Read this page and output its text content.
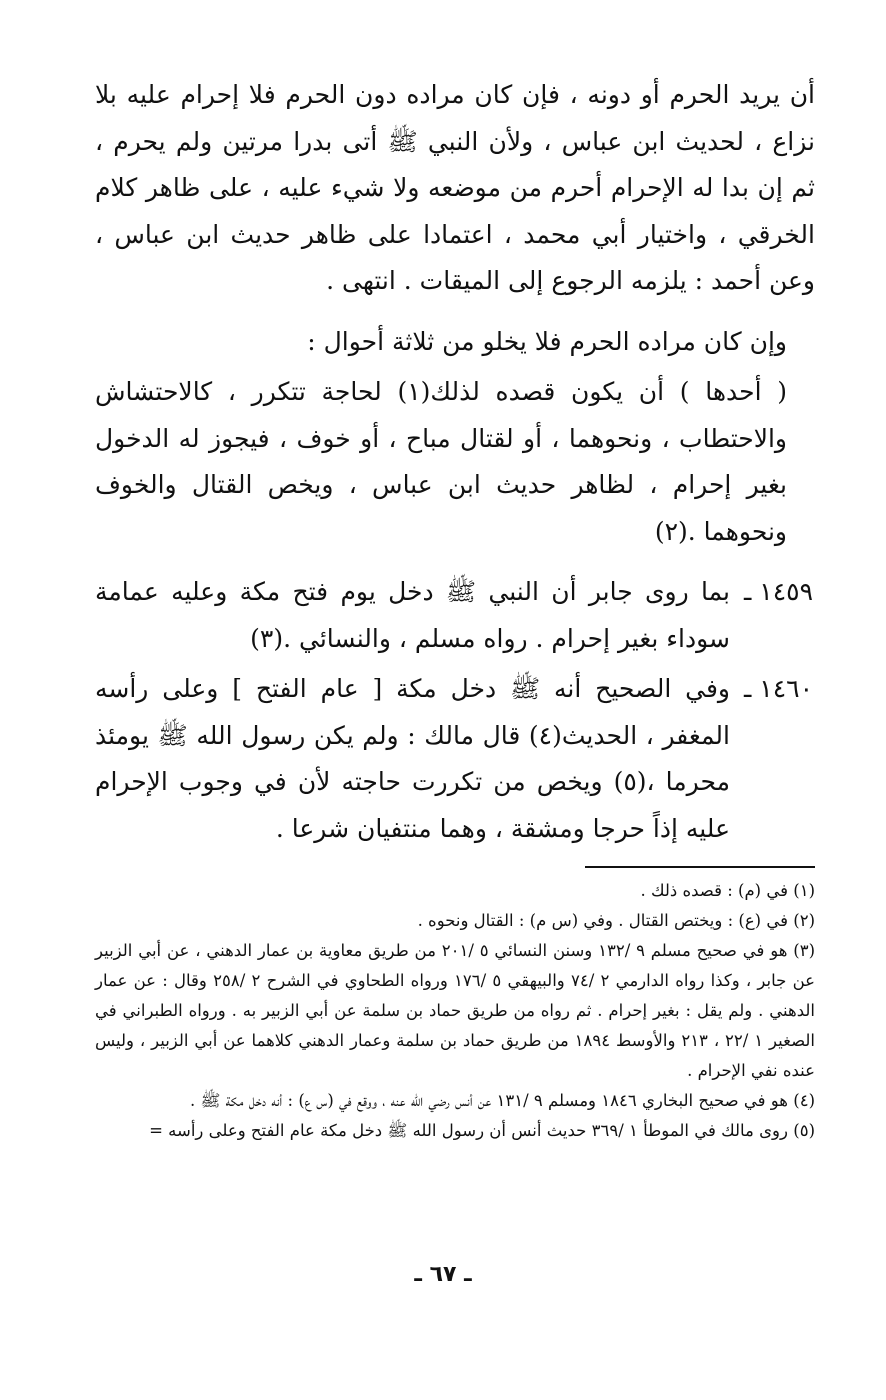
أن يريد الحرم أو دونه ، فإن كان مراده دون الحرم فلا إحرام عليه بلا نزاع ، لحديث ابن عباس ، ولأن النبي ﷺ أتى بدرا مرتين ولم يحرم ، ثم إن بدا له الإحرام أحرم من موضعه ولا شيء عليه ، على ظاهر كلام الخرقي ، واختيار أبي محمد ، اعتمادا على ظاهر حديث ابن عباس ، وعن أحمد : يلزمه الرجوع إلى الميقات . انتهى .

وإن كان مراده الحرم فلا يخلو من ثلاثة أحوال :

( أحدها ) أن يكون قصده لذلك(١) لحاجة تتكرر ، كالاحتشاش والاحتطاب ، ونحوهما ، أو لقتال مباح ، أو خوف ، فيجوز له الدخول بغير إحرام ، لظاهر حديث ابن عباس ، ويخص القتال والخوف ونحوهما .(٢)

١٤٥٩ ـ
بما روى جابر أن النبي ﷺ دخل يوم فتح مكة وعليه عمامة سوداء بغير إحرام . رواه مسلم ، والنسائي .(٣)
١٤٦٠ ـ
وفي الصحيح أنه ﷺ دخل مكة [ عام الفتح ] وعلى رأسه المغفر ، الحديث(٤) قال مالك : ولم يكن رسول الله ﷺ يومئذ محرما ،(٥) ويخص من تكررت حاجته لأن في وجوب الإحرام عليه إذاً حرجا ومشقة ، وهما منتفيان شرعا .

(١) في (م) : قصده ذلك .

(٢) في (ع) : ويختص القتال . وفي (س م) : القتال ونحوه .

(٣) هو في صحيح مسلم ٩ /١٣٢ وسنن النسائي ٥ /٢٠١ من طريق معاوية بن عمار الدهني ، عن أبي الزبير عن جابر ، وكذا رواه الدارمي ٢ /٧٤ والبيهقي ٥ /١٧٦ ورواه الطحاوي في الشرح ٢ /٢٥٨ وقال : عن عمار الدهني . ولم يقل : بغير إحرام . ثم رواه من طريق حماد بن سلمة عن أبي الزبير به . ورواه الطبراني في الصغير ١ /٢٢ ، ٢١٣ والأوسط ١٨٩٤ من طريق حماد بن سلمة وعمار الدهني كلاهما عن أبي الزبير ، وليس عنده نفي الإحرام .

(٤) هو في صحيح البخاري ١٨٤٦ ومسلم ٩ /١٣١ عن أنس رضي الله عنه ، ووقع في (س ع) : أنه دخل مكة ﷺ .

(٥) روى مالك في الموطأ ١ /٣٦٩ حديث أنس أن رسول الله ﷺ دخل مكة عام الفتح وعلى رأسه =

ـ ٦٧ ـ
